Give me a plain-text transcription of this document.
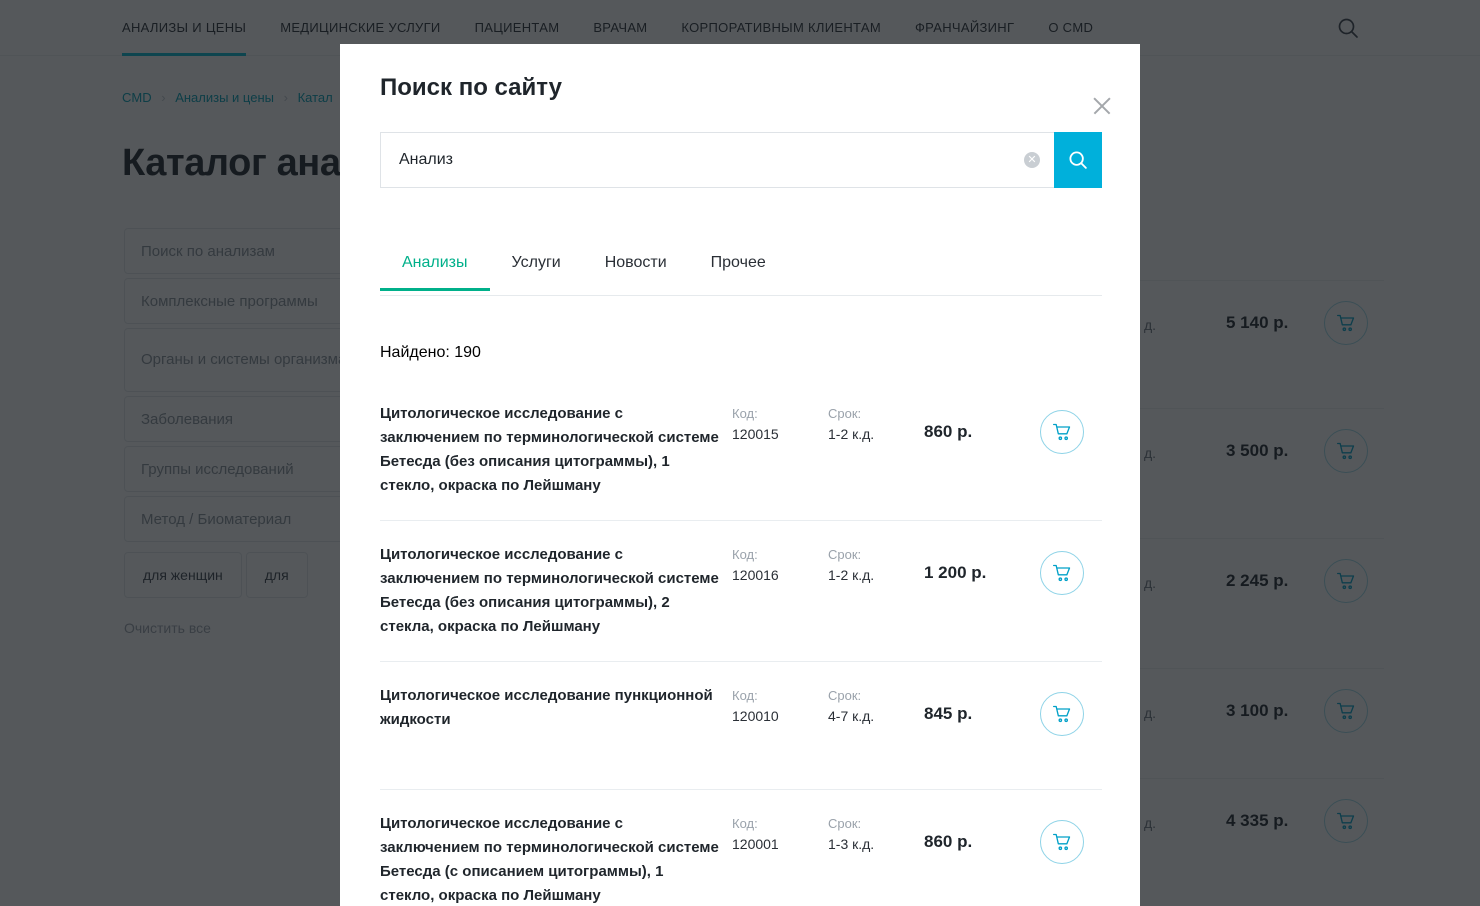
Поиск по сайту
Анализ
✕
Анализы	Услуги	Новости	Прочее
Найдено: 190
Цитологическое исследование с заключением по терминологической системе Бетесда (без описания цитограммы), 1 стекло, окраска по Лейшману
Код:
120015
Срок:
1-2 к.д.	860 р.
Цитологическое исследование с заключением по терминологической системе Бетесда (без описания цитограммы), 2 стекла, окраска по Лейшману
Код:
120016
Срок:
1-2 к.д.	1 200 р.
Цитологическое исследование пункционной жидкости
Код:
120010
Срок:
4-7 к.д.	845 р.
Цитологическое исследование с заключением по терминологической системе Бетесда (с описанием цитограммы), 1 стекло, окраска по Лейшману
Код:
120001
Срок:
1-3 к.д.	860 р.
